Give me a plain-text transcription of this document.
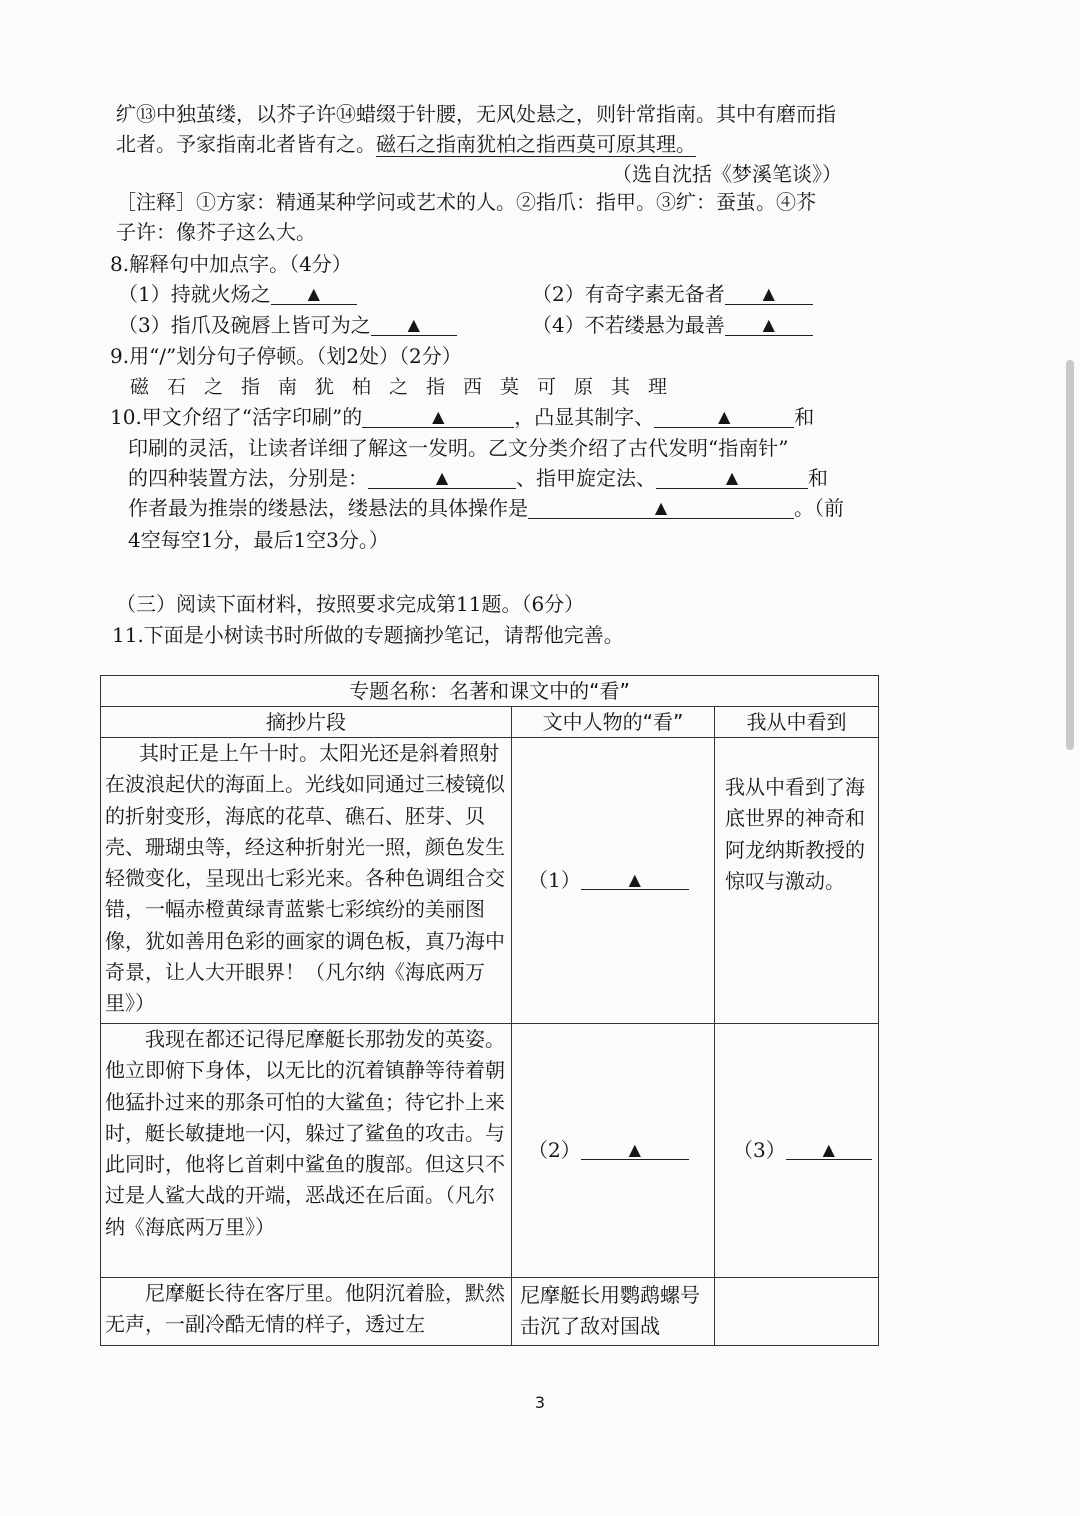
纩⑬中独茧缕，以芥子许⑭蜡缀于针腰，无风处悬之，则针常指南。其中有磨而指
北者。予家指南北者皆有之。磁石之指南犹柏之指西莫可原其理。
（选自沈括《梦溪笔谈》）
［注释］①方家：精通某种学问或艺术的人。②指爪：指甲。③纩：蚕茧。④芥
子许：像芥子这么大。
8.解释句中加点字。（4分）
（1）持就火炀之 ▲	（2）有奇字素无备者 ▲
（3）指爪及碗唇上皆可为之 ▲	（4）不若缕悬为最善 ▲
9.用“/”划分句子停顿。（划2处）（2分）
磁石之指南犹柏之指西莫可原其理
10.甲文介绍了“活字印刷”的	▲	，凸显其制字、	▲	和
印刷的灵活，让读者详细了解这一发明。乙文分类介绍了古代发明“指南针”
的四种装置方法，分别是：	▲	、指甲旋定法、	▲	和
作者最为推崇的缕悬法，缕悬法的具体操作是	▲	。（前
4空每空1分，最后1空3分。）
（三）阅读下面材料，按照要求完成第11题。（6分）
11.下面是小树读书时所做的专题摘抄笔记，请帮他完善。
专题名称：名著和课文中的“看”		
摘抄片段	文中人物的“看”	我从中看到
其时正是上午十时。太阳光还是斜着照射在波浪起伏的海面上。光线如同通过三棱镜似的折射变形，海底的花草、礁石、胚芽、贝壳、珊瑚虫等，经这种折射光一照，颜色发生轻微变化，呈现出七彩光来。各种色调组合交错，一幅赤橙黄绿青蓝紫七彩缤纷的美丽图像，犹如善用色彩的画家的调色板，真乃海中奇景，让人大开眼界！（凡尔纳《海底两万里》）	（1） ▲	我从中看到了海底世界的神奇和阿龙纳斯教授的惊叹与激动。
我现在都还记得尼摩艇长那勃发的英姿。他立即俯下身体，以无比的沉着镇静等待着朝他猛扑过来的那条可怕的大鲨鱼；待它扑上来时，艇长敏捷地一闪，躲过了鲨鱼的攻击。与此同时，他将匕首刺中鲨鱼的腹部。但这只不过是人鲨大战的开端，恶战还在后面。（凡尔纳《海底两万里》）	（2） ▲	（3） ▲
尼摩艇长待在客厅里。他阴沉着脸，默然无声，一副冷酷无情的样子，透过左	尼摩艇长用鹦鹉螺号击沉了敌对国战	
3
